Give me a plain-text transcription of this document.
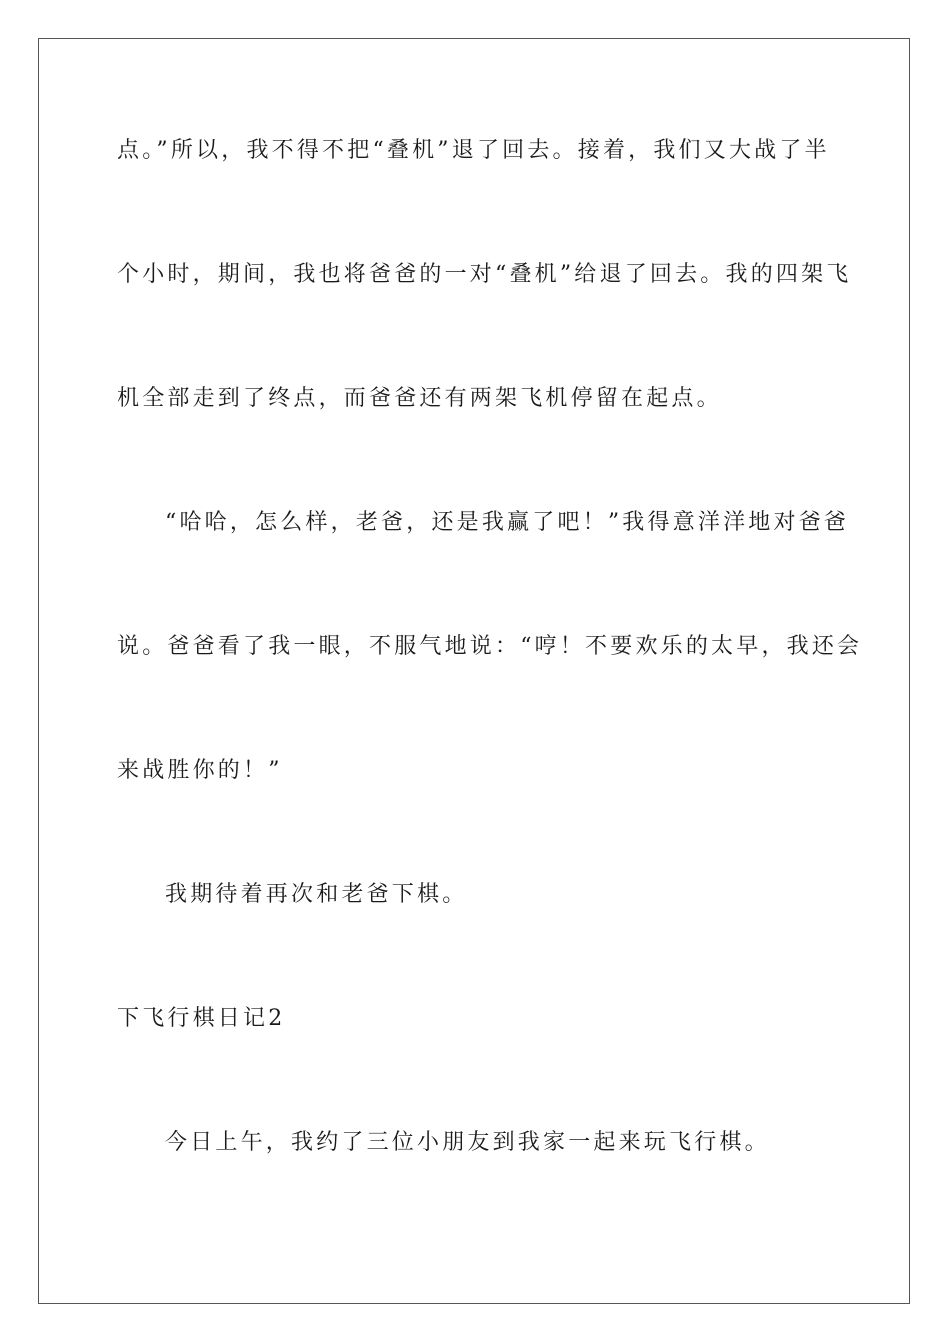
点。”所以，我不得不把“叠机”退了回去。接着，我们又大战了半
个小时，期间，我也将爸爸的一对“叠机”给退了回去。我的四架飞
机全部走到了终点，而爸爸还有两架飞机停留在起点。
“哈哈，怎么样，老爸，还是我赢了吧！”我得意洋洋地对爸爸
说。爸爸看了我一眼，不服气地说：“哼！不要欢乐的太早，我还会
来战胜你的！”
我期待着再次和老爸下棋。
下飞行棋日记2
今日上午，我约了三位小朋友到我家一起来玩飞行棋。
